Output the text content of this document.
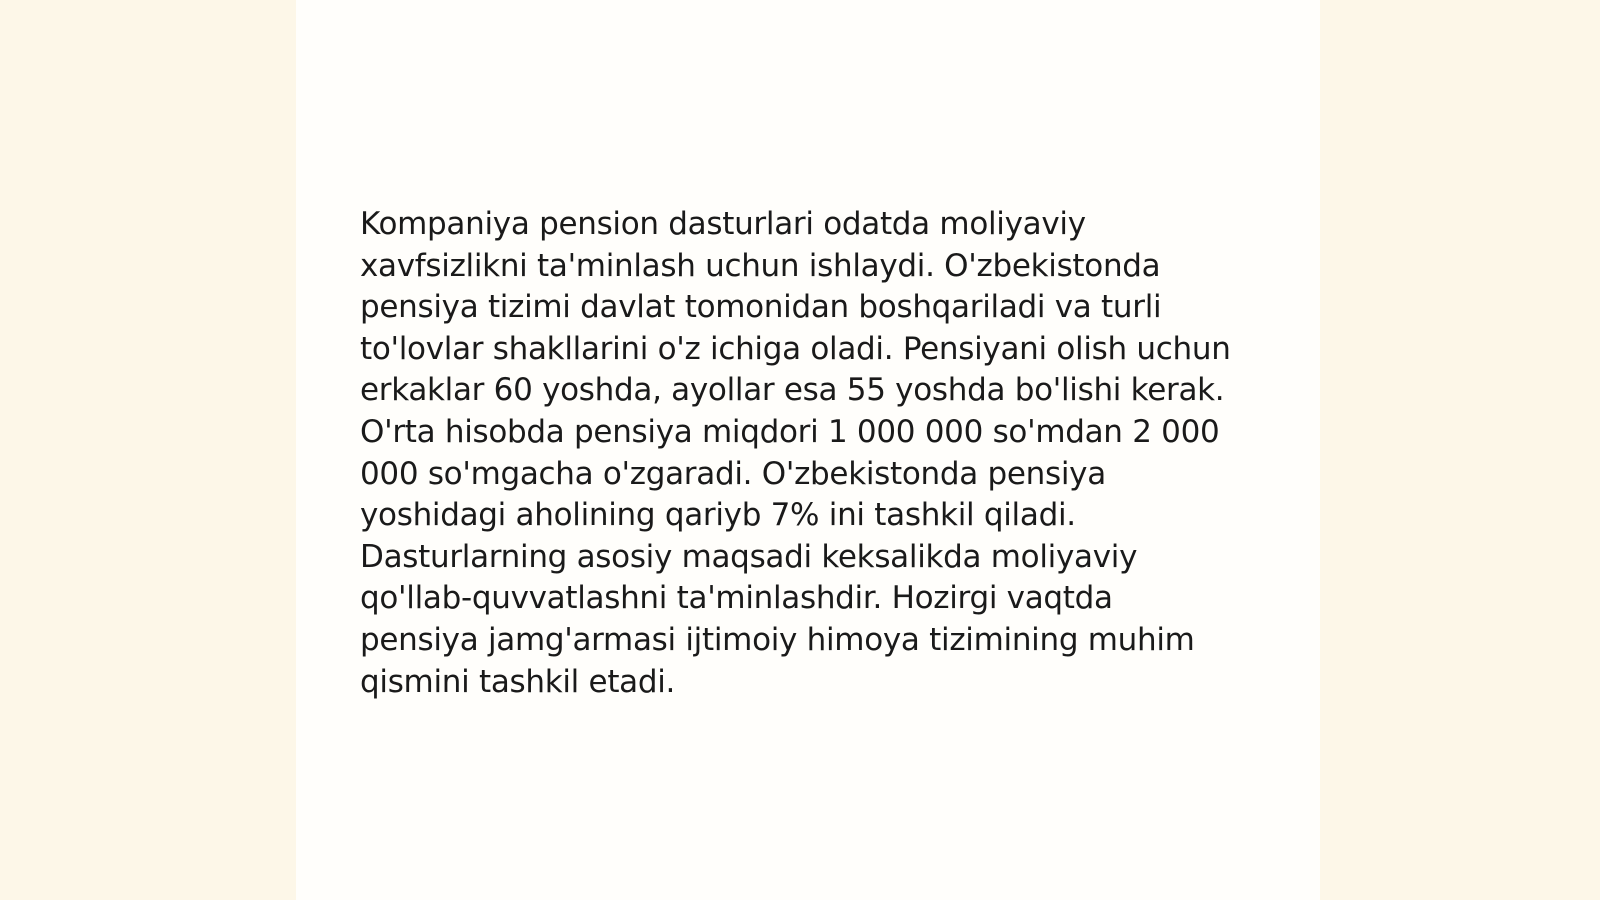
Kompaniya pension dasturlari odatda moliyaviy xavfsizlikni ta'minlash uchun ishlaydi. O'zbekistonda pensiya tizimi davlat tomonidan boshqariladi va turli to'lovlar shakllarini o'z ichiga oladi. Pensiyani olish uchun erkaklar 60 yoshda, ayollar esa 55 yoshda bo'lishi kerak. O'rta hisobda pensiya miqdori 1 000 000 so'mdan 2 000 000 so'mgacha o'zgaradi. O'zbekistonda pensiya yoshidagi aholining qariyb 7% ini tashkil qiladi. Dasturlarning asosiy maqsadi keksalikda moliyaviy qo'llab-quvvatlashni ta'minlashdir. Hozirgi vaqtda pensiya jamg'armasi ijtimoiy himoya tizimining muhim qismini tashkil etadi.
